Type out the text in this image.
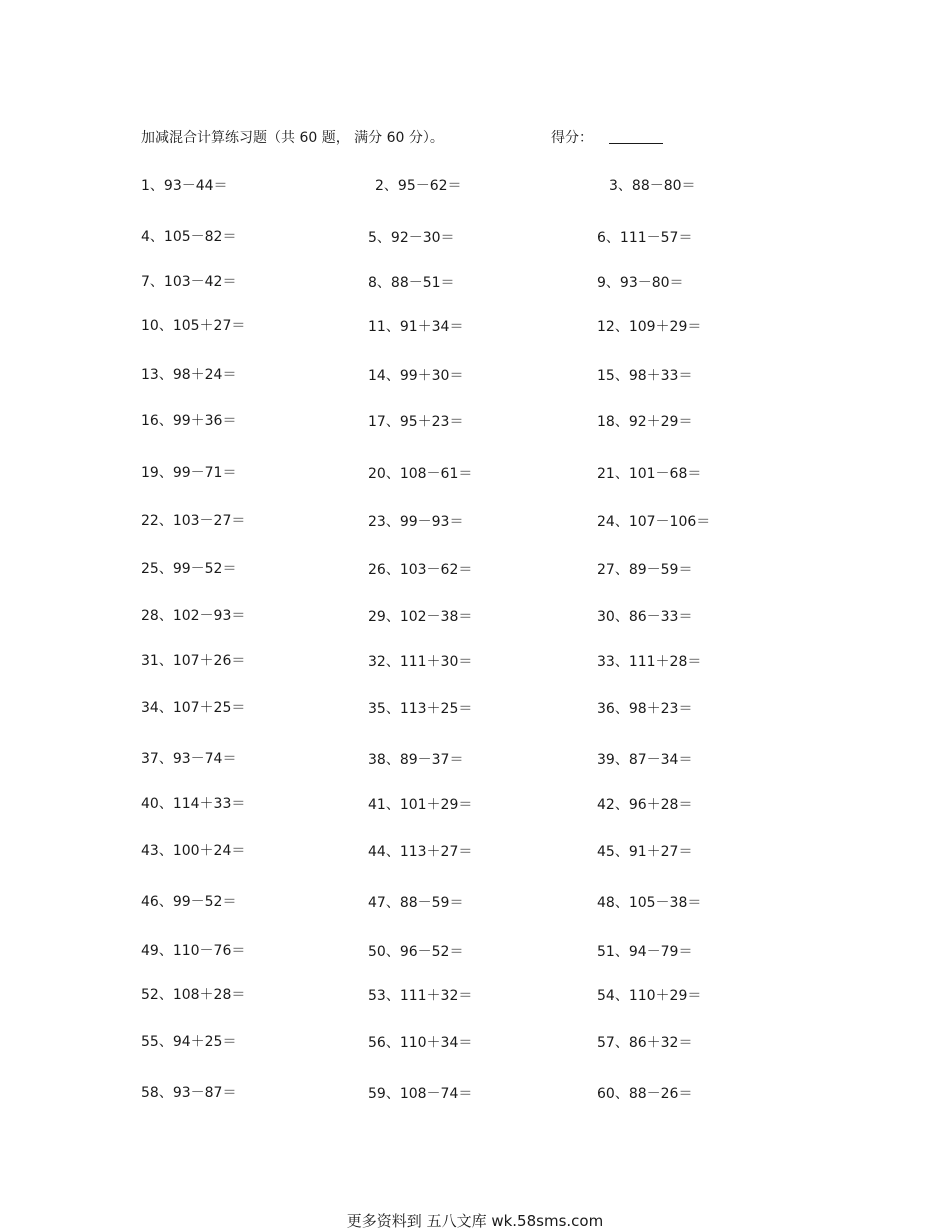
加减混合计算练习题（共 60 题， 满分 60 分）。	得分：
1、93－44＝	2、95－62＝	3、88－80＝
4、105－82＝	5、92－30＝	6、111－57＝
7、103－42＝	8、88－51＝	9、93－80＝
10、105＋27＝	11、91＋34＝	12、109＋29＝
13、98＋24＝	14、99＋30＝	15、98＋33＝
16、99＋36＝	17、95＋23＝	18、92＋29＝
19、99－71＝	20、108－61＝	21、101－68＝
22、103－27＝	23、99－93＝	24、107－106＝
25、99－52＝	26、103－62＝	27、89－59＝
28、102－93＝	29、102－38＝	30、86－33＝
31、107＋26＝	32、111＋30＝	33、111＋28＝
34、107＋25＝	35、113＋25＝	36、98＋23＝
37、93－74＝	38、89－37＝	39、87－34＝
40、114＋33＝	41、101＋29＝	42、96＋28＝
43、100＋24＝	44、113＋27＝	45、91＋27＝
46、99－52＝	47、88－59＝	48、105－38＝
49、110－76＝	50、96－52＝	51、94－79＝
52、108＋28＝	53、111＋32＝	54、110＋29＝
55、94＋25＝	56、110＋34＝	57、86＋32＝
58、93－87＝	59、108－74＝	60、88－26＝
更多资料到 五八文库 wk.58sms.com
